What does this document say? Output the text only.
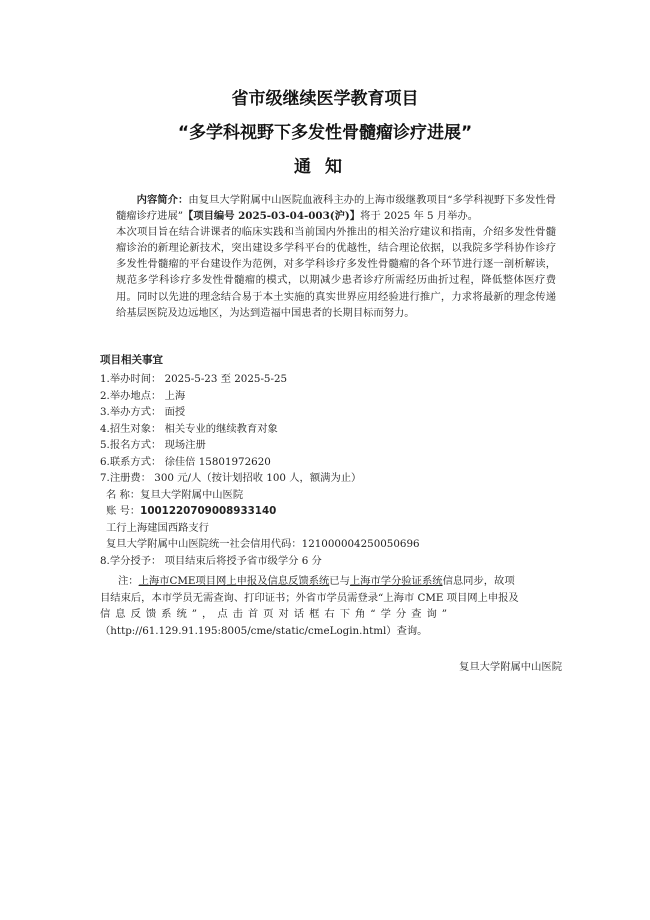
省市级继续医学教育项目
“多学科视野下多发性骨髓瘤诊疗进展”
通知
内容简介：由复旦大学附属中山医院血液科主办的上海市级继教项目“多学科视野下多发性骨髓瘤诊疗进展”【项目编号 2025-03-04-003(沪)】将于 2025 年 5 月举办。
本次项目旨在结合讲课者的临床实践和当前国内外推出的相关治疗建议和指南，介绍多发性骨髓瘤诊治的新理论新技术，突出建设多学科平台的优越性，结合理论依据，以我院多学科协作诊疗多发性骨髓瘤的平台建设作为范例，对多学科诊疗多发性骨髓瘤的各个环节进行逐一剖析解读，规范多学科诊疗多发性骨髓瘤的模式，以期减少患者诊疗所需经历曲折过程，降低整体医疗费用。同时以先进的理念结合易于本土实施的真实世界应用经验进行推广，力求将最新的理念传递给基层医院及边远地区，为达到造福中国患者的长期目标而努力。
项目相关事宜
1.举办时间： 2025-5-23 至 2025-5-25
2.举办地点： 上海
3.举办方式： 面授
4.招生对象： 相关专业的继续教育对象
5.报名方式： 现场注册
6.联系方式： 徐佳倍 15801972620
7.注册费： 300 元/人（按计划招收 100 人，额满为止）
名 称：复旦大学附属中山医院
账 号：1001220709008933140
工行上海建国西路支行
复旦大学附属中山医院统一社会信用代码：121000004250050696
8.学分授予： 项目结束后将授予省市级学分 6 分
注：上海市CME项目网上申报及信息反馈系统已与上海市学分验证系统信息同步，故项
目结束后，本市学员无需查询、打印证书；外省市学员需登录“上海市 CME 项目网上申报及
信息反馈系统”，点击首页对话框右下角“学分查询”
（http://61.129.91.195:8005/cme/static/cmeLogin.html）查询。
复旦大学附属中山医院
